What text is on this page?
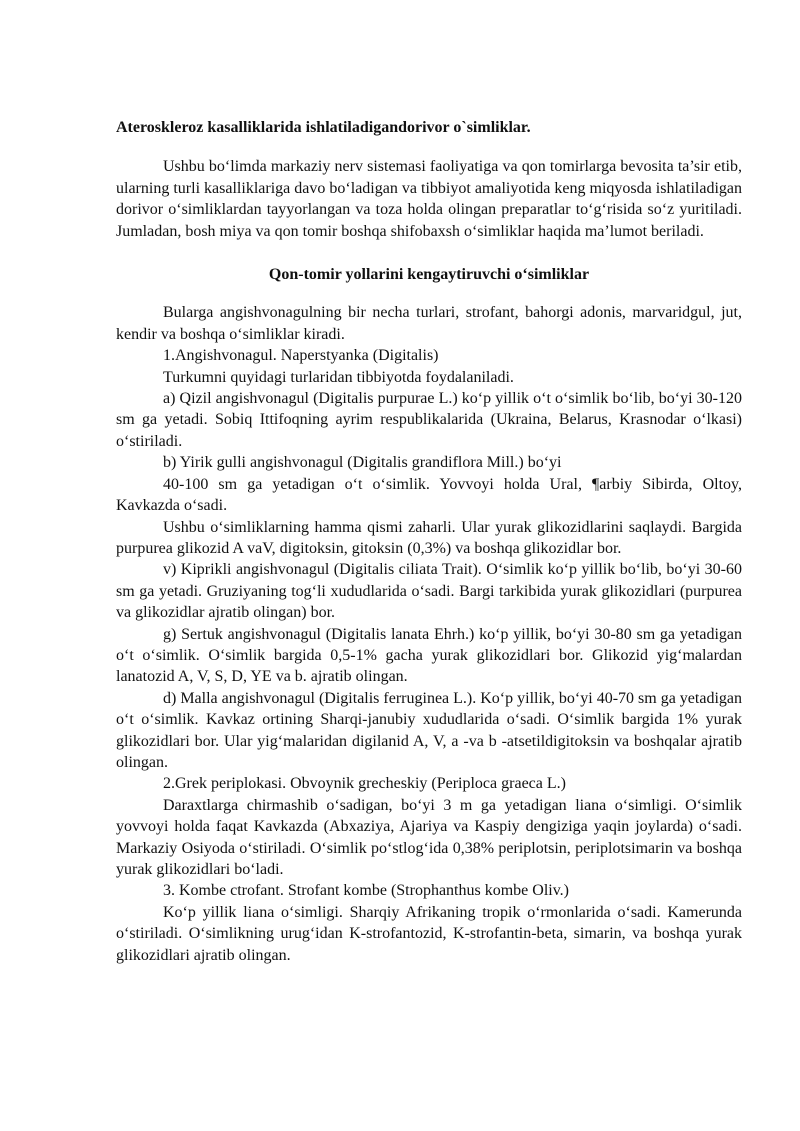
Ateroskleroz kasalliklarida ishlatiladigandorivor o`simliklar.

Ushbu bo‘limda markaziy nerv sistemasi faoliyatiga va qon tomirlarga bevosita ta’sir etib, ularning turli kasalliklariga davo bo‘ladigan va tibbiyot amaliyotida keng miqyosda ishlatiladigan dorivor o‘simliklardan tayyorlangan va toza holda olingan preparatlar to‘g‘risida so‘z yuritiladi. Jumladan, bosh miya va qon tomir boshqa shifobaxsh o‘simliklar haqida ma’lumot beriladi.

Qon-tomir yollarini kengaytiruvchi o‘simliklar

Bularga angishvonagulning bir necha turlari, strofant, bahorgi adonis, marvaridgul, jut, kendir va boshqa o‘simliklar kiradi.

1.Angishvonagul. Naperstyanka (Digitalis)

Turkumni quyidagi turlaridan tibbiyotda foydalaniladi.

a) Qizil angishvonagul (Digitalis purpurae L.) ko‘p yillik o‘t o‘simlik bo‘lib, bo‘yi 30-120 sm ga yetadi. Sobiq Ittifoqning ayrim respublikalarida (Ukraina, Belarus, Krasnodar o‘lkasi) o‘stiriladi.

b) Yirik gulli angishvonagul (Digitalis grandiflora Mill.) bo‘yi

40-100 sm ga yetadigan o‘t o‘simlik. Yovvoyi holda Ural, ¶arbiy Sibirda, Oltoy, Kavkazda o‘sadi.

Ushbu o‘simliklarning hamma qismi zaharli. Ular yurak glikozidlarini saqlaydi. Bargida purpurea glikozid A vaV, digitoksin, gitoksin (0,3%) va boshqa glikozidlar bor.

v) Kiprikli angishvonagul (Digitalis ciliata Trait). O‘simlik ko‘p yillik bo‘lib, bo‘yi 30-60 sm ga yetadi. Gruziyaning tog‘li xududlarida o‘sadi. Bargi tarkibida yurak glikozidlari (purpurea va glikozidlar ajratib olingan) bor.

g) Sertuk angishvonagul (Digitalis lanata Ehrh.) ko‘p yillik, bo‘yi 30-80 sm ga yetadigan o‘t o‘simlik. O‘simlik bargida 0,5-1% gacha yurak glikozidlari bor. Glikozid yig‘malardan lanatozid A, V, S, D, YE va b. ajratib olingan.

d) Malla angishvonagul (Digitalis ferruginea L.). Ko‘p yillik, bo‘yi 40-70 sm ga yetadigan o‘t o‘simlik. Kavkaz ortining Sharqi-janubiy xududlarida o‘sadi. O‘simlik bargida 1% yurak glikozidlari bor. Ular yig‘malaridan digilanid A, V, a -va b -atsetildigitoksin va boshqalar ajratib olingan.

2.Grek periplokasi. Obvoynik grecheskiy (Periploca graeca L.)

Daraxtlarga chirmashib o‘sadigan, bo‘yi 3 m ga yetadigan liana o‘simligi. O‘simlik yovvoyi holda faqat Kavkazda (Abxaziya, Ajariya va Kaspiy dengiziga yaqin joylarda) o‘sadi. Markaziy Osiyoda o‘stiriladi. O‘simlik po‘stlog‘ida 0,38% periplotsin, periplotsimarin va boshqa yurak glikozidlari bo‘ladi.

3. Kombe ctrofant. Strofant kombe (Strophanthus kombe Oliv.)

Ko‘p yillik liana o‘simligi. Sharqiy Afrikaning tropik o‘rmonlarida o‘sadi. Kamerunda o‘stiriladi. O‘simlikning urug‘idan K-strofantozid, K-strofantin-beta, simarin, va boshqa yurak glikozidlari ajratib olingan.
